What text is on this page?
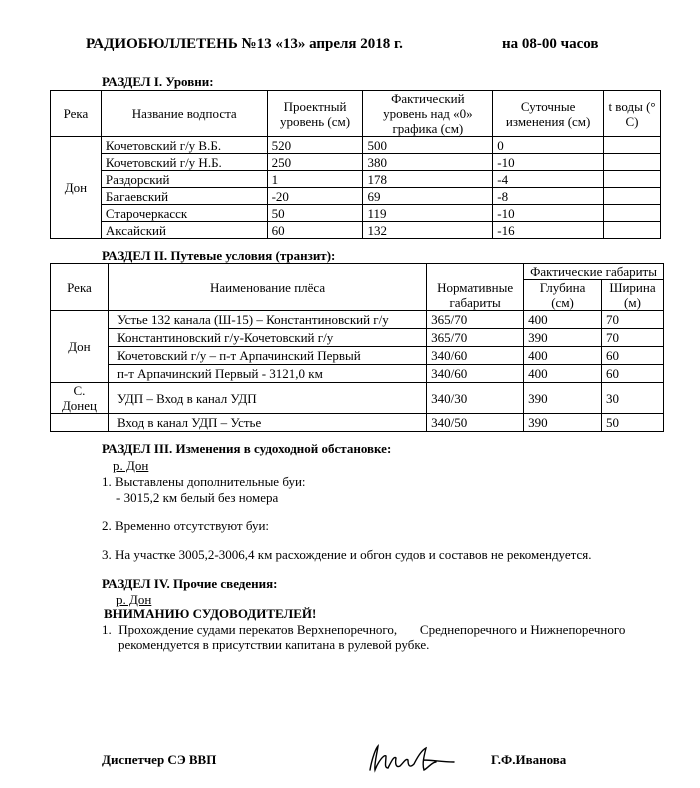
РАДИОБЮЛЛЕТЕНЬ №13 «13» апреля 2018 г.	на 08-00 часов
РАЗДЕЛ I. Уровни:
Река	Название водпоста	Проектный уровень (см)	Фактический уровень над «0» графика (см)	Суточные изменения (см)	t воды (° С)
Дон	Кочетовский г/у В.Б.	520	500	0	
	Кочетовский г/у Н.Б.	250	380	-10	
	Раздорский	1	178	-4	
	Багаевский	-20	69	-8	
	Старочеркасск	50	119	-10	
	Аксайский	60	132	-16	
РАЗДЕЛ II. Путевые условия (транзит):
Река	Наименование плёса	Нормативные габариты	Фактические габариты	
			Глубина (см)	Ширина (м)
Дон	Устье 132 канала (Ш-15) – Константиновский г/у	365/70	400	70
	Константиновский г/у-Кочетовский г/у	365/70	390	70
	Кочетовский г/у – п-т Арпачинский Первый	340/60	400	60
	п-т Арпачинский Первый - 3121,0 км	340/60	400	60
С. Донец	УДП – Вход в канал УДП	340/30	390	30
	Вход в канал УДП – Устье	340/50	390	50
РАЗДЕЛ III. Изменения в судоходной обстановке:
р. Дон
1. Выставлены дополнительные буи:
- 3015,2 км белый без номера
2. Временно отсутствуют буи:
3. На участке 3005,2-3006,4 км расхождение и обгон судов и составов не рекомендуется.
РАЗДЕЛ IV. Прочие сведения:
р. Дон
ВНИМАНИЮ СУДОВОДИТЕЛЕЙ!
1.  Прохождение судами перекатов Верхнепоречного,       Среднепоречного и Нижнепоречного
рекомендуется в присутствии капитана в рулевой рубке.
Диспетчер СЭ ВВП	Г.Ф.Иванова
